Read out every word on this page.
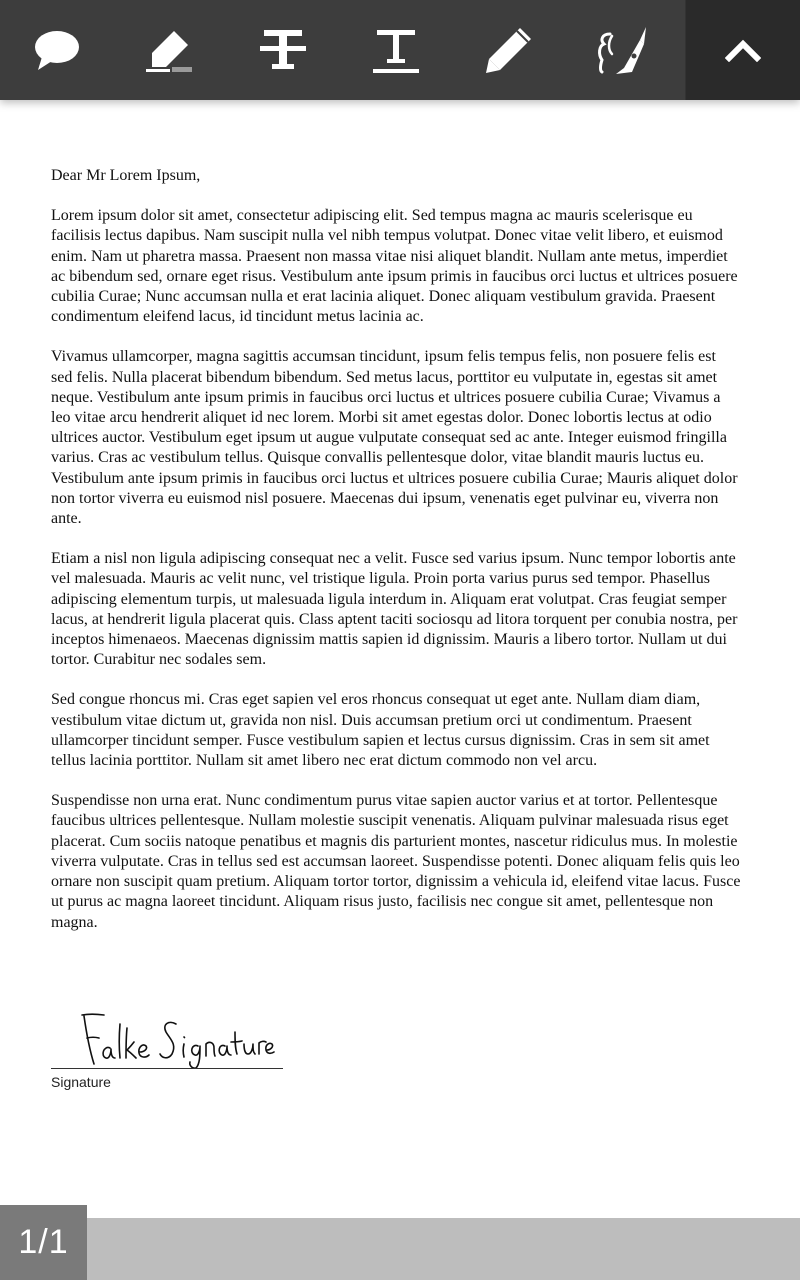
Dear Mr Lorem Ipsum,

Lorem ipsum dolor sit amet, consectetur adipiscing elit. Sed tempus magna ac mauris scelerisque eu facilisis lectus dapibus. Nam suscipit nulla vel nibh tempus volutpat. Donec vitae velit libero, et euismod enim. Nam ut pharetra massa. Praesent non massa vitae nisi aliquet blandit. Nullam ante metus, imperdiet ac bibendum sed, ornare eget risus. Vestibulum ante ipsum primis in faucibus orci luctus et ultrices posuere cubilia Curae; Nunc accumsan nulla et erat lacinia aliquet. Donec aliquam vestibulum gravida. Praesent condimentum eleifend lacus, id tincidunt metus lacinia ac.

Vivamus ullamcorper, magna sagittis accumsan tincidunt, ipsum felis tempus felis, non posuere felis est sed felis. Nulla placerat bibendum bibendum. Sed metus lacus, porttitor eu vulputate in, egestas sit amet neque. Vestibulum ante ipsum primis in faucibus orci luctus et ultrices posuere cubilia Curae; Vivamus a leo vitae arcu hendrerit aliquet id nec lorem. Morbi sit amet egestas dolor. Donec lobortis lectus at odio ultrices auctor. Vestibulum eget ipsum ut augue vulputate consequat sed ac ante. Integer euismod fringilla varius. Cras ac vestibulum tellus. Quisque convallis pellentesque dolor, vitae blandit mauris luctus eu. Vestibulum ante ipsum primis in faucibus orci luctus et ultrices posuere cubilia Curae; Mauris aliquet dolor non tortor viverra eu euismod nisl posuere. Maecenas dui ipsum, venenatis eget pulvinar eu, viverra non ante.

Etiam a nisl non ligula adipiscing consequat nec a velit. Fusce sed varius ipsum. Nunc tempor lobortis ante vel malesuada. Mauris ac velit nunc, vel tristique ligula. Proin porta varius purus sed tempor. Phasellus adipiscing elementum turpis, ut malesuada ligula interdum in. Aliquam erat volutpat. Cras feugiat semper lacus, at hendrerit ligula placerat quis. Class aptent taciti sociosqu ad litora torquent per conubia nostra, per inceptos himenaeos. Maecenas dignissim mattis sapien id dignissim. Mauris a libero tortor. Nullam ut dui tortor. Curabitur nec sodales sem.

Sed congue rhoncus mi. Cras eget sapien vel eros rhoncus consequat ut eget ante. Nullam diam diam, vestibulum vitae dictum ut, gravida non nisl. Duis accumsan pretium orci ut condimentum. Praesent ullamcorper tincidunt semper. Fusce vestibulum sapien et lectus cursus dignissim. Cras in sem sit amet tellus lacinia porttitor. Nullam sit amet libero nec erat dictum commodo non vel arcu.

Suspendisse non urna erat. Nunc condimentum purus vitae sapien auctor varius et at tortor. Pellentesque faucibus ultrices pellentesque. Nullam molestie suscipit venenatis. Aliquam pulvinar malesuada risus eget placerat. Cum sociis natoque penatibus et magnis dis parturient montes, nascetur ridiculus mus. In molestie viverra vulputate. Cras in tellus sed est accumsan laoreet. Suspendisse potenti. Donec aliquam felis quis leo ornare non suscipit quam pretium. Aliquam tortor tortor, dignissim a vehicula id, eleifend vitae lacus. Fusce ut purus ac magna laoreet tincidunt. Aliquam risus justo, facilisis nec congue sit amet, pellentesque non magna.

Signature
1/1
